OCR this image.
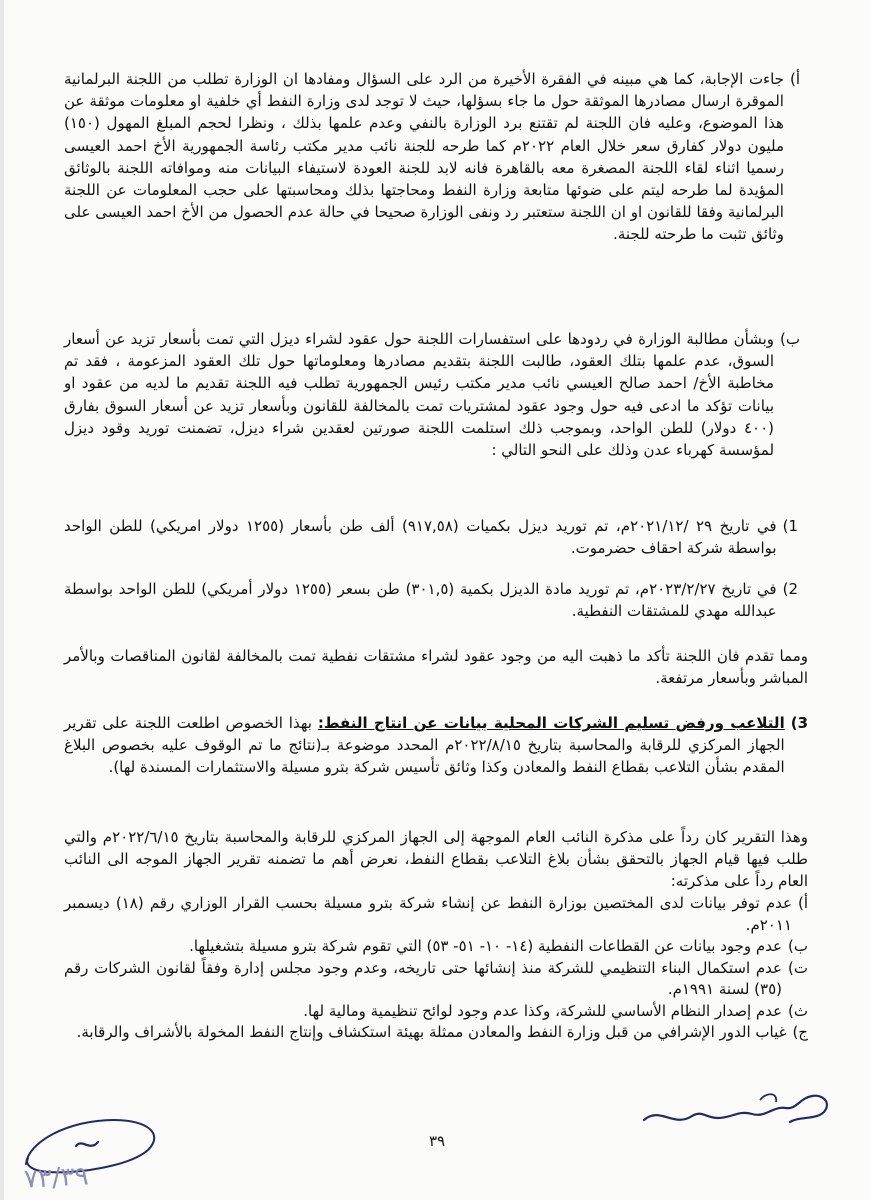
أ)
جاءت الإجابة، كما هي مبينه في الفقرة الأخيرة من الرد على السؤال ومفادها ان الوزارة تطلب من اللجنة البرلمانية الموقرة ارسال مصادرها الموثقة حول ما جاء بسؤلها، حيث لا توجد لدى وزارة النفط أي خلفية او معلومات موثقة عن هذا الموضوع، وعليه فان اللجنة لم تقتنع برد الوزارة بالنفي وعدم علمها بذلك ، ونظرا لحجم المبلغ المهول (١٥٠) مليون دولار كفارق سعر خلال العام ٢٠٢٢م كما طرحه للجنة نائب مدير مكتب رئاسة الجمهورية الأخ احمد العيسى رسميا اثناء لقاء اللجنة المصغرة معه بالقاهرة فانه لابد للجنة العودة لاستيفاء البيانات منه وموافاته اللجنة بالوثائق المؤيدة لما طرحه ليتم على ضوئها متابعة وزارة النفط ومحاجتها بذلك ومحاسبتها على حجب المعلومات عن اللجنة البرلمانية وفقا للقانون او ان اللجنة ستعتبر رد ونفى الوزارة صحيحا في حالة عدم الحصول من الأخ احمد العيسى على وثائق تثبت ما طرحته للجنة.
ب)
وبشأن مطالبة الوزارة في ردودها على استفسارات اللجنة حول عقود لشراء ديزل التي تمت بأسعار تزيد عن أسعار السوق، عدم علمها بتلك العقود، طالبت اللجنة بتقديم مصادرها ومعلوماتها حول تلك العقود المزعومة ، فقد تم مخاطبة الأخ/ احمد صالح العيسي نائب مدير مكتب رئيس الجمهورية تطلب فيه اللجنة تقديم ما لديه من عقود او بيانات تؤكد ما ادعى فيه حول وجود عقود لمشتريات تمت بالمخالفة للقانون وبأسعار تزيد عن أسعار السوق بفارق (٤٠٠ دولار) للطن الواحد، وبموجب ذلك استلمت اللجنة صورتين لعقدين شراء ديزل، تضمنت توريد وقود ديزل لمؤسسة كهرباء عدن وذلك على النحو التالي :
1)
في تاريخ ٢٩ /٢٠٢١/١٢م، تم توريد ديزل بكميات (٩١٧,٥٨) ألف طن بأسعار (١٢٥٥ دولار امريكي) للطن الواحد بواسطة شركة احقاف حضرموت.
2)
في تاريخ ٢٠٢٣/٢/٢٧م، تم توريد مادة الديزل بكمية (٣٠١,٥) طن بسعر (١٢٥٥ دولار أمريكي) للطن الواحد بواسطة عبدالله مهدي للمشتقات النفطية.
ومما تقدم فان اللجنة تأكد ما ذهبت اليه من وجود عقود لشراء مشتقات نفطية تمت بالمخالفة لقانون المناقصات وبالأمر المباشر وبأسعار مرتفعة.
3)
التلاعب ورفض تسليم الشركات المحلية بيانات عن انتاج النفط: بهذا الخصوص اطلعت اللجنة على تقرير الجهاز المركزي للرقابة والمحاسبة بتاريخ ٢٠٢٢/٨/١٥م المحدد موضوعة بـ(نتائج ما تم الوقوف عليه بخصوص البلاغ المقدم بشأن التلاعب بقطاع النفط والمعادن وكذا وثائق تأسيس شركة بترو مسيلة والاستثمارات المسندة لها).
وهذا التقرير كان رداً على مذكرة النائب العام الموجهة إلى الجهاز المركزي للرقابة والمحاسبة بتاريخ ٢٠٢٢/٦/١٥م والتي طلب فيها قيام الجهاز بالتحقق بشأن بلاغ التلاعب بقطاع النفط، نعرض أهم ما تضمنه تقرير الجهاز الموجه الى النائب العام رداً على مذكرته:
أ)
عدم توفر بيانات لدى المختصين بوزارة النفط عن إنشاء شركة بترو مسيلة بحسب القرار الوزاري رقم (١٨) ديسمبر ٢٠١١م.
ب)
عدم وجود بيانات عن القطاعات النفطية (١٤- ١٠- ٥١- ٥٣) التي تقوم شركة بترو مسيلة بتشغيلها.
ت)
عدم استكمال البناء التنظيمي للشركة منذ إنشائها حتى تاريخه، وعدم وجود مجلس إدارة وفقاً لقانون الشركات رقم (٣٥) لسنة ١٩٩١م.
ث)
عدم إصدار النظام الأساسي للشركة، وكذا عدم وجود لوائح تنظيمية ومالية لها.
ج)
غياب الدور الإشرافي من قبل وزارة النفط والمعادن ممثلة بهيئة استكشاف وإنتاج النفط المخولة بالأشراف والرقابة.
٣٩
٧٣/٣٩
